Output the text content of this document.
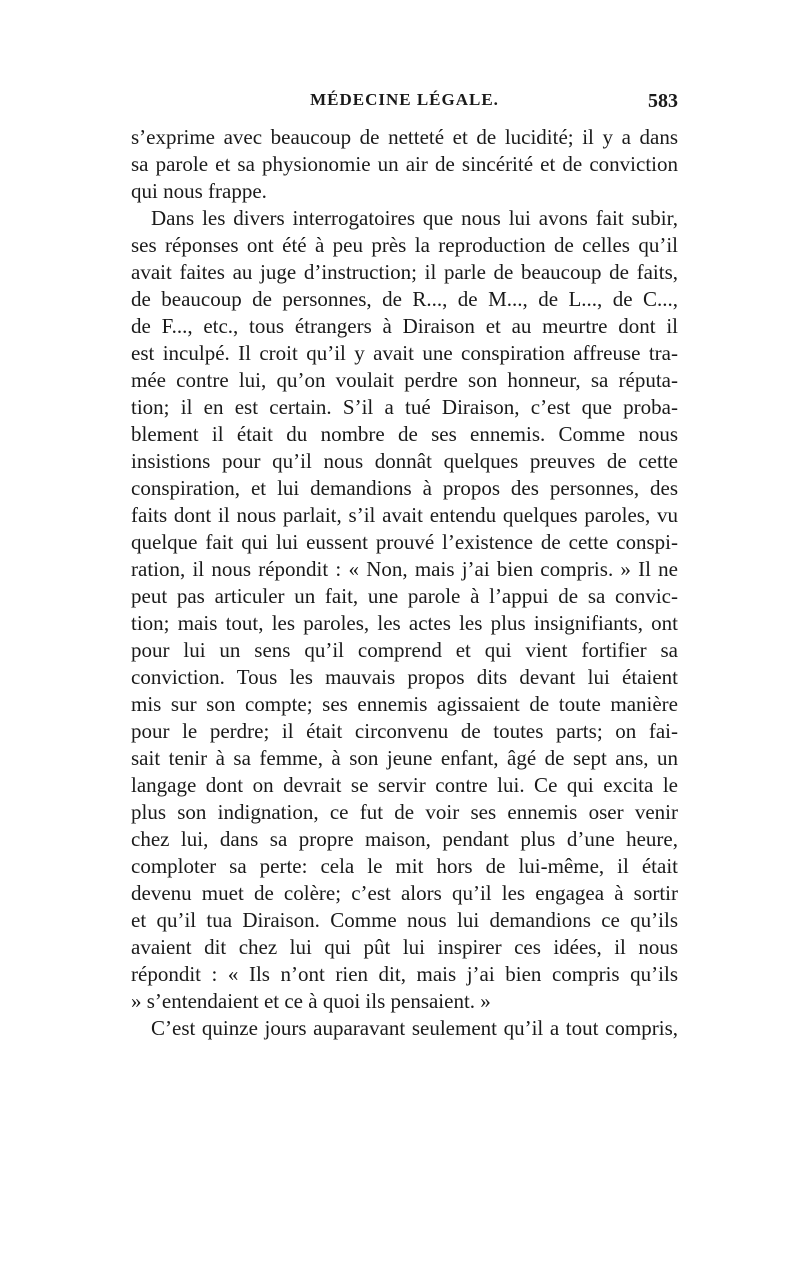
MÉDECINE LÉGALE.	583
s’exprime avec beaucoup de netteté et de lucidité; il y a dans
sa parole et sa physionomie un air de sincérité et de conviction
qui nous frappe.
Dans les divers interrogatoires que nous lui avons fait subir,
ses réponses ont été à peu près la reproduction de celles qu’il
avait faites au juge d’instruction; il parle de beaucoup de faits,
de beaucoup de personnes, de R..., de M..., de L..., de C...,
de F..., etc., tous étrangers à Diraison et au meurtre dont il
est inculpé. Il croit qu’il y avait une conspiration affreuse tra-
mée contre lui, qu’on voulait perdre son honneur, sa réputa-
tion; il en est certain. S’il a tué Diraison, c’est que proba-
blement il était du nombre de ses ennemis. Comme nous
insistions pour qu’il nous donnât quelques preuves de cette
conspiration, et lui demandions à propos des personnes, des
faits dont il nous parlait, s’il avait entendu quelques paroles, vu
quelque fait qui lui eussent prouvé l’existence de cette conspi-
ration, il nous répondit : « Non, mais j’ai bien compris. » Il ne
peut pas articuler un fait, une parole à l’appui de sa convic-
tion; mais tout, les paroles, les actes les plus insignifiants, ont
pour lui un sens qu’il comprend et qui vient fortifier sa
conviction. Tous les mauvais propos dits devant lui étaient
mis sur son compte; ses ennemis agissaient de toute manière
pour le perdre; il était circonvenu de toutes parts; on fai-
sait tenir à sa femme, à son jeune enfant, âgé de sept ans, un
langage dont on devrait se servir contre lui. Ce qui excita le
plus son indignation, ce fut de voir ses ennemis oser venir
chez lui, dans sa propre maison, pendant plus d’une heure,
comploter sa perte: cela le mit hors de lui-même, il était
devenu muet de colère; c’est alors qu’il les engagea à sortir
et qu’il tua Diraison. Comme nous lui demandions ce qu’ils
avaient dit chez lui qui pût lui inspirer ces idées, il nous
répondit : « Ils n’ont rien dit, mais j’ai bien compris qu’ils
» s’entendaient et ce à quoi ils pensaient. »
C’est quinze jours auparavant seulement qu’il a tout compris,
